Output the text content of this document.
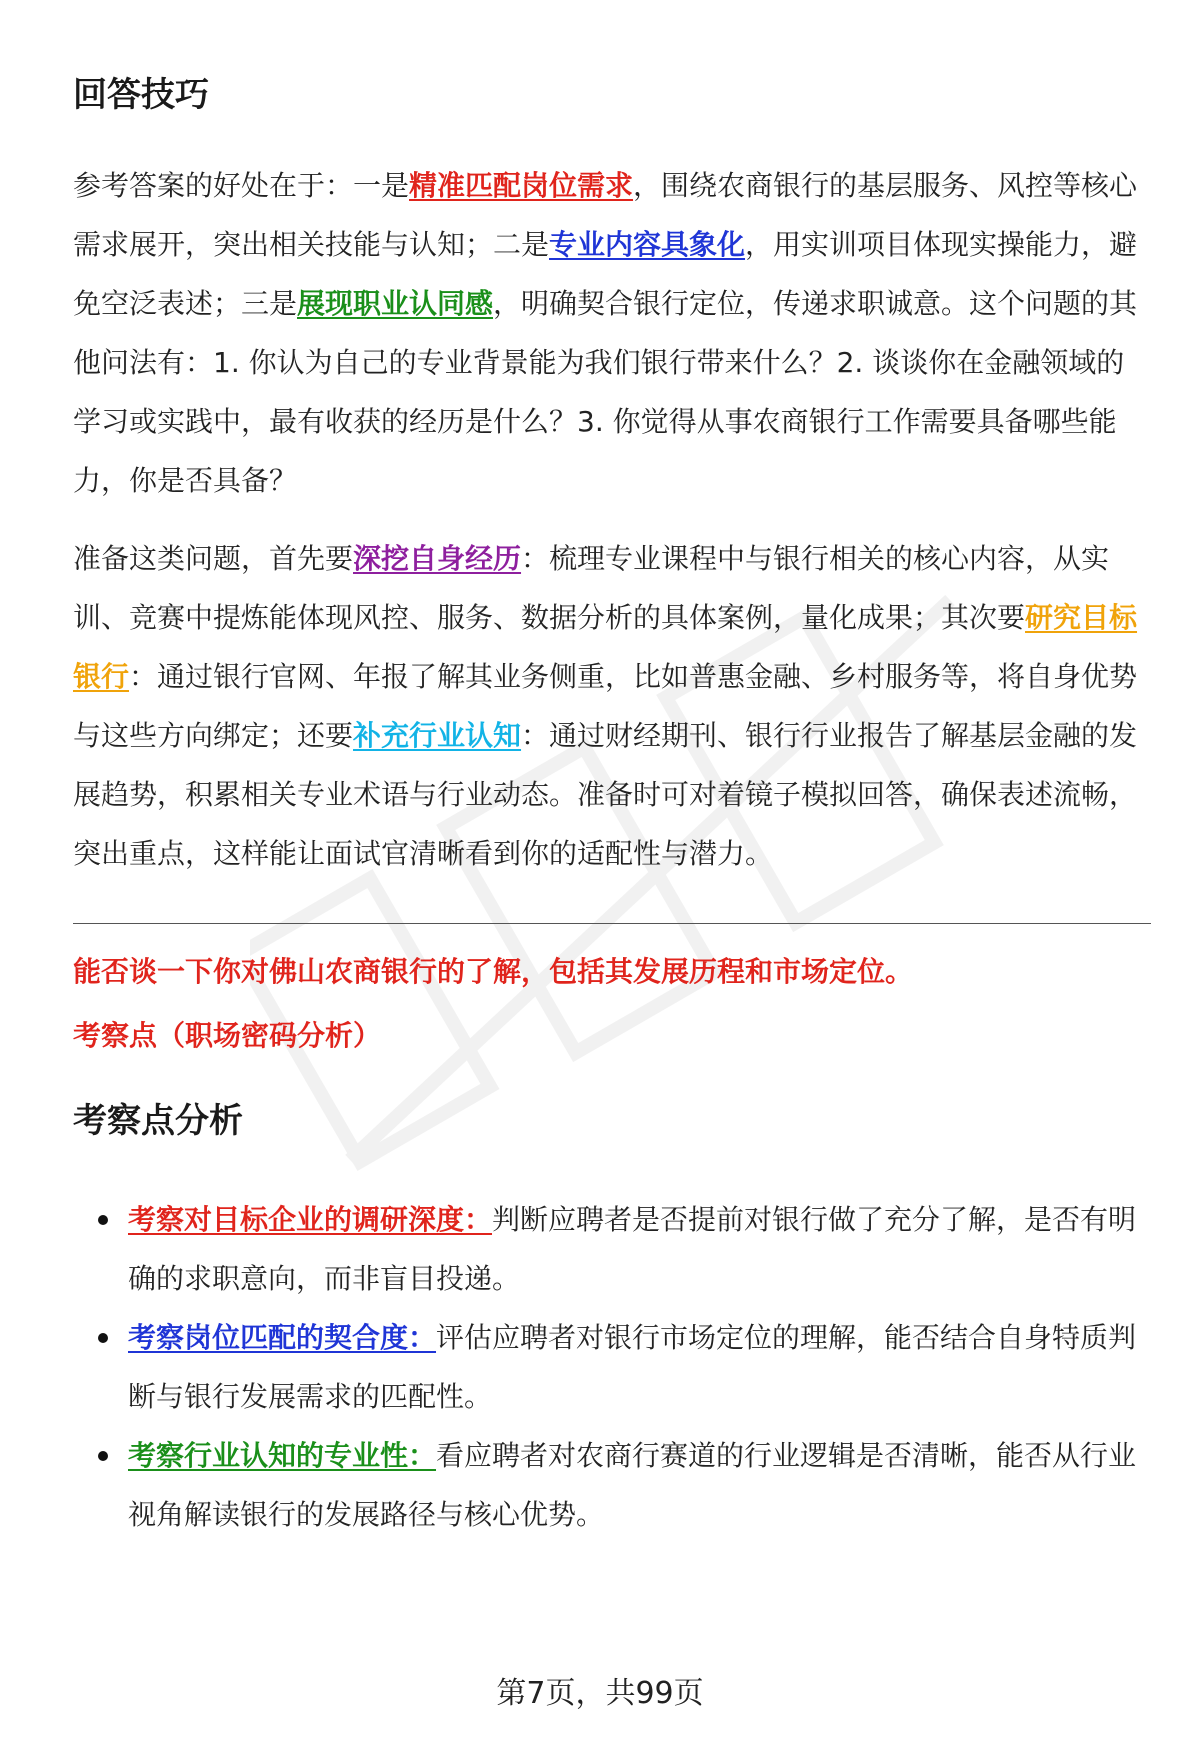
回答技巧

参考答案的好处在于：一是精准匹配岗位需求，围绕农商银行的基层服务、风控等核心需求展开，突出相关技能与认知；二是专业内容具象化，用实训项目体现实操能力，避免空泛表述；三是展现职业认同感，明确契合银行定位，传递求职诚意。这个问题的其他问法有：1. 你认为自己的专业背景能为我们银行带来什么？2. 谈谈你在金融领域的学习或实践中，最有收获的经历是什么？3. 你觉得从事农商银行工作需要具备哪些能力，你是否具备？

准备这类问题，首先要深挖自身经历：梳理专业课程中与银行相关的核心内容，从实训、竞赛中提炼能体现风控、服务、数据分析的具体案例，量化成果；其次要研究目标银行：通过银行官网、年报了解其业务侧重，比如普惠金融、乡村服务等，将自身优势与这些方向绑定；还要补充行业认知：通过财经期刊、银行行业报告了解基层金融的发展趋势，积累相关专业术语与行业动态。准备时可对着镜子模拟回答，确保表述流畅，突出重点，这样能让面试官清晰看到你的适配性与潜力。

能否谈一下你对佛山农商银行的了解，包括其发展历程和市场定位。

考察点（职场密码分析）

考察点分析
考察对目标企业的调研深度：判断应聘者是否提前对银行做了充分了解，是否有明确的求职意向，而非盲目投递。
考察岗位匹配的契合度：评估应聘者对银行市场定位的理解，能否结合自身特质判断与银行发展需求的匹配性。
考察行业认知的专业性：看应聘者对农商行赛道的行业逻辑是否清晰，能否从行业视角解读银行的发展路径与核心优势。
第7页，共99页
